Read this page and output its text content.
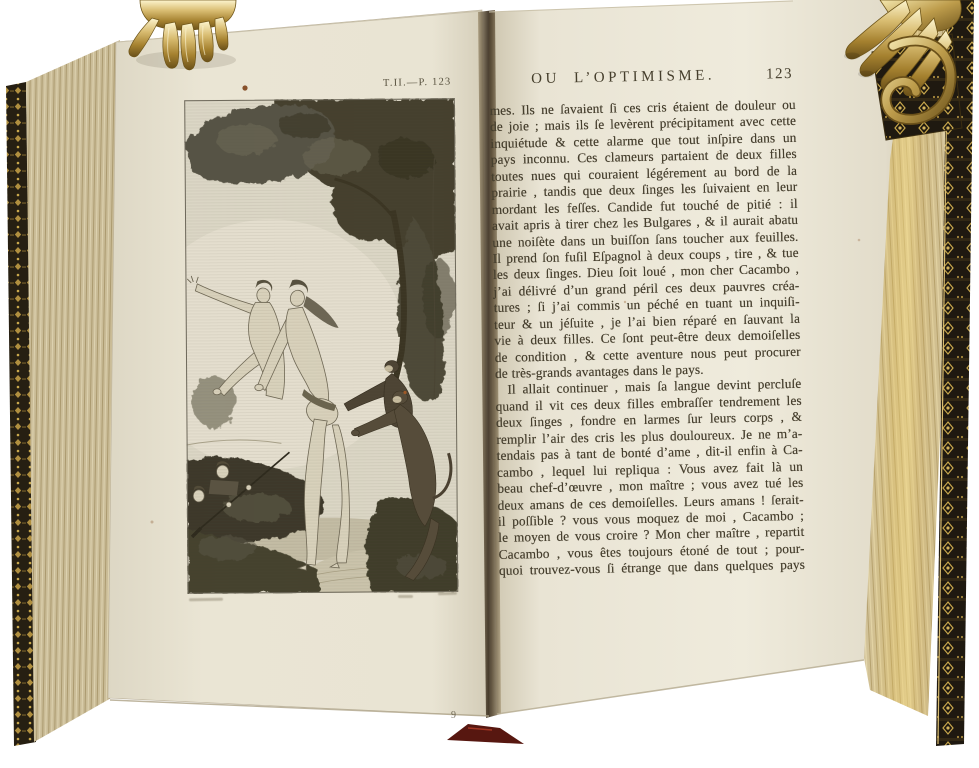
T.II.—P. 123
9
OU L’OPTIMISME.	123
mes. Ils ne ſavaient ſi ces cris étaient de douleur ou
de joie ; mais ils ſe levèrent précipitament avec cette
inquiétude & cette alarme que tout inſpire dans un
pays inconnu. Ces clameurs partaient de deux filles
toutes nues qui couraient légérement au bord de la
prairie , tandis que deux ſinges les ſuivaient en leur
mordant les feſſes. Candide fut touché de pitié : il
avait apris à tirer chez les Bulgares , & il aurait abatu
une noiſète dans un buiſſon ſans toucher aux feuilles.
Il prend ſon fuſil Eſpagnol à deux coups , tire , & tue
les deux ſinges. Dieu ſoit loué , mon cher Cacambo ,
j’ai délivré d’un grand péril ces deux pauvres créa-
tures ; ſi j’ai commis un péché en tuant un inquiſi-
teur & un jéſuite , je l’ai bien réparé en ſauvant la
vie à deux filles. Ce ſont peut-être deux demoiſelles
de condition , & cette aventure nous peut procurer
de très-grands avantages dans le pays.
Il allait continuer , mais ſa langue devint percluſe
quand il vit ces deux filles embraſſer tendrement les
deux ſinges , fondre en larmes ſur leurs corps , &
remplir l’air des cris les plus douloureux. Je ne m’a-
tendais pas à tant de bonté d’ame , dit-il enfin à Ca-
cambo , lequel lui repliqua : Vous avez fait là un
beau chef-d’œuvre , mon maître ; vous avez tué les
deux amans de ces demoiſelles. Leurs amans ! ſerait-
il poſſible ? vous vous moquez de moi , Cacambo ;
le moyen de vous croire ? Mon cher maître , repartit
Cacambo , vous êtes toujours étoné de tout ; pour-
quoi trouvez-vous ſi étrange que dans quelques pays
